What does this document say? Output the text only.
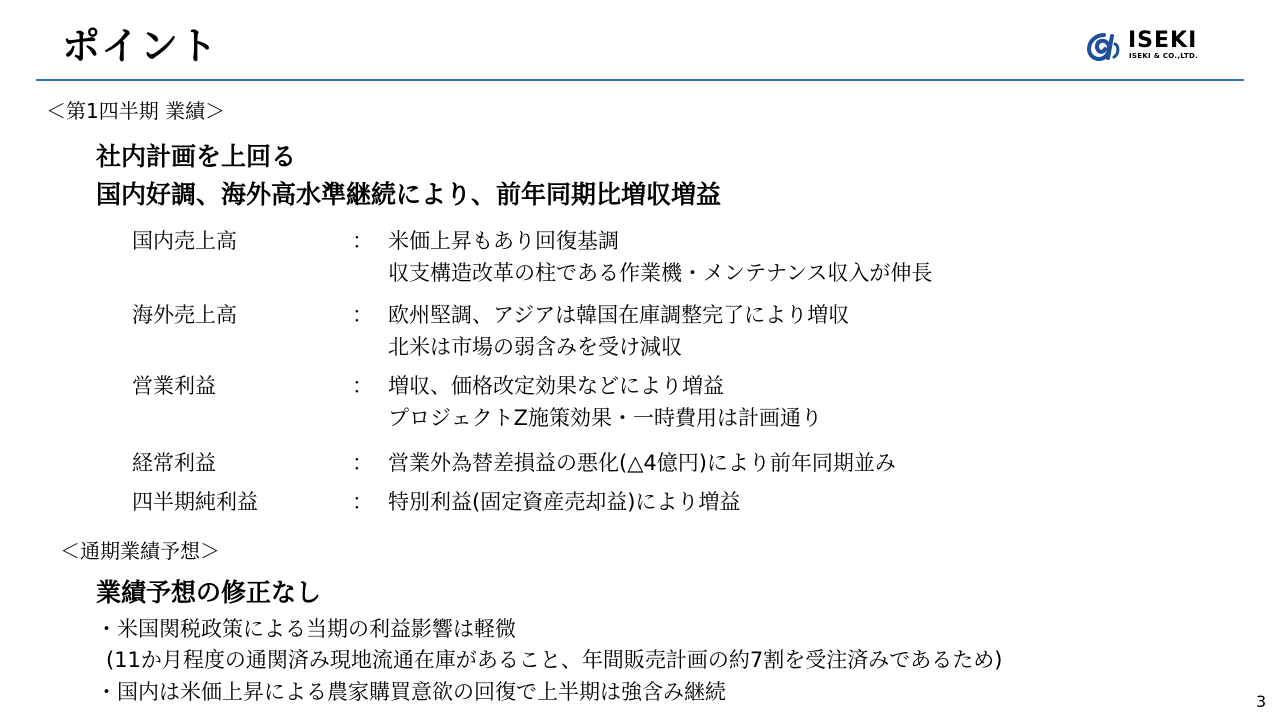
ポイント	ISEKI
ISEKI & CO.,LTD.
＜第1四半期 業績＞
社内計画を上回る
国内好調、海外高水準継続により、前年同期比増収増益
国内売上高	： 米価上昇もあり回復基調
収支構造改革の柱である作業機・メンテナンス収入が伸長
海外売上高	： 欧州堅調、アジアは韓国在庫調整完了により増収
北米は市場の弱含みを受け減収
営業利益	： 増収、価格改定効果などにより増益
プロジェクトZ施策効果・一時費用は計画通り
経常利益	： 営業外為替差損益の悪化(△4億円)により前年同期並み
四半期純利益	： 特別利益(固定資産売却益)により増益
＜通期業績予想＞
業績予想の修正なし
・米国関税政策による当期の利益影響は軽微
(11か月程度の通関済み現地流通在庫があること、年間販売計画の約7割を受注済みであるため)
・国内は米価上昇による農家購買意欲の回復で上半期は強含み継続	3
